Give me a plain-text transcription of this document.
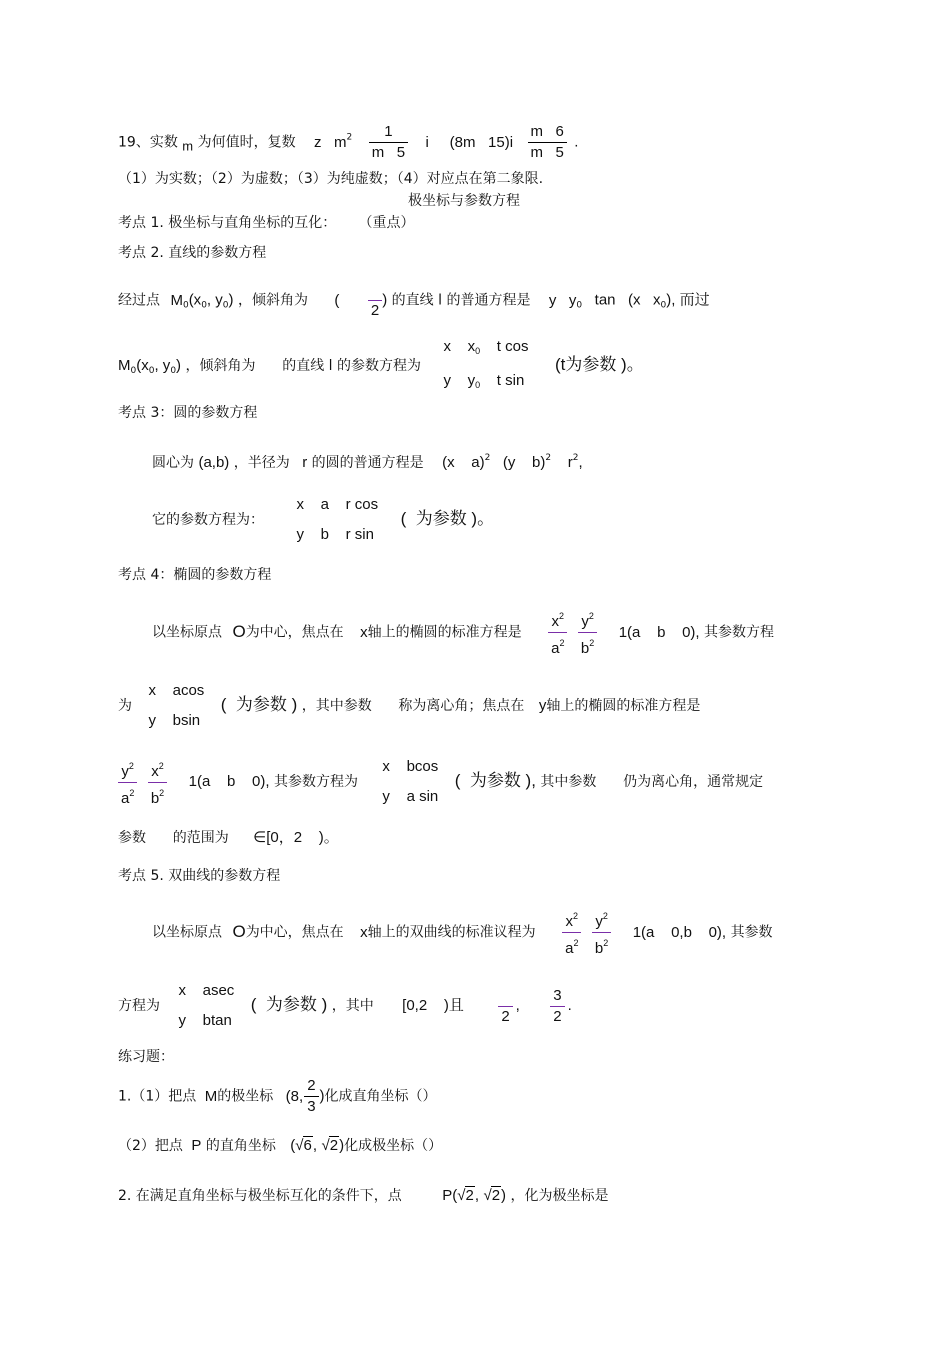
19、实数 m 为何值时，复数 z   $m^2 \frac{1}{m 5}$ i     (8m   $15)i \frac{m 6}{m 5}$ .
（1）为实数；（2）为虚数；（3）为纯虚数；（4）对应点在第二象限.
极坐标与参数方程
考点 1. 极坐标与直角坐标的互化：     （重点）
考点 2. 直线的参数方程
经过点 $M_0(x_0$, $y_0$) ，倾斜角为 (

2
) 的直线 l 的普通方程是 y   $y_0$   tan   (x   $x_0$), 而过
$M_0(x_0$, $y_0$) ，倾斜角为      的直线 l 的参数方程为
x    $x_0$    t cos
y    $y_0$    t sin
(t为参数 )。
考点 3：圆的参数方程
圆心为 (a,b) ，半径为 r 的圆的普通方程是 (x    a)$^2$   (y    b)$^2$    $r^2$,
它的参数方程为：
x    a    r cos
y    b    r sin
(  为参数 )。
考点 4：椭圆的参数方程
以坐标原点 O为中心，焦点在 x轴上的椭圆的标准方程是 $\frac{x^2}{a^2}$
$\frac{y^2}{b^2} 1(a$    b    0), 其参数方程
为
x    acos
y    bsin
(  为参数 ) ，其中参数      称为离心角；焦点在 y轴上的椭圆的标准方程是
$\frac{y^2}{a^2}$
$\frac{x^2}{b^2} 1(a$    b    0), 其参数方程为
x    bcos
y    a sin
(  为参数 ), 其中参数      仍为离心角，通常规定
参数      的范围为 ∈[0，2    )。
考点 5. 双曲线的参数方程
以坐标原点 O为中心，焦点在 x轴上的双曲线的标准议程为 $\frac{x^2}{a^2}$
$\frac{y^2}{b^2} 1(a$    0,b    0), 其参数
方程为
x    asec
y    btan
(  为参数 ) ，其中 [0,2    )且

2
, $\frac{3}{2}$ .
练习题：
1.（1）把点 M的极坐标 (8, $\frac{2}{3}$ )化成直角坐标（）
（2）把点 P 的直角坐标 (√6, √2)化成极坐标（）
2. 在满足直角坐标与极坐标互化的条件下，点	P(√2, √2) ，化为极坐标是
